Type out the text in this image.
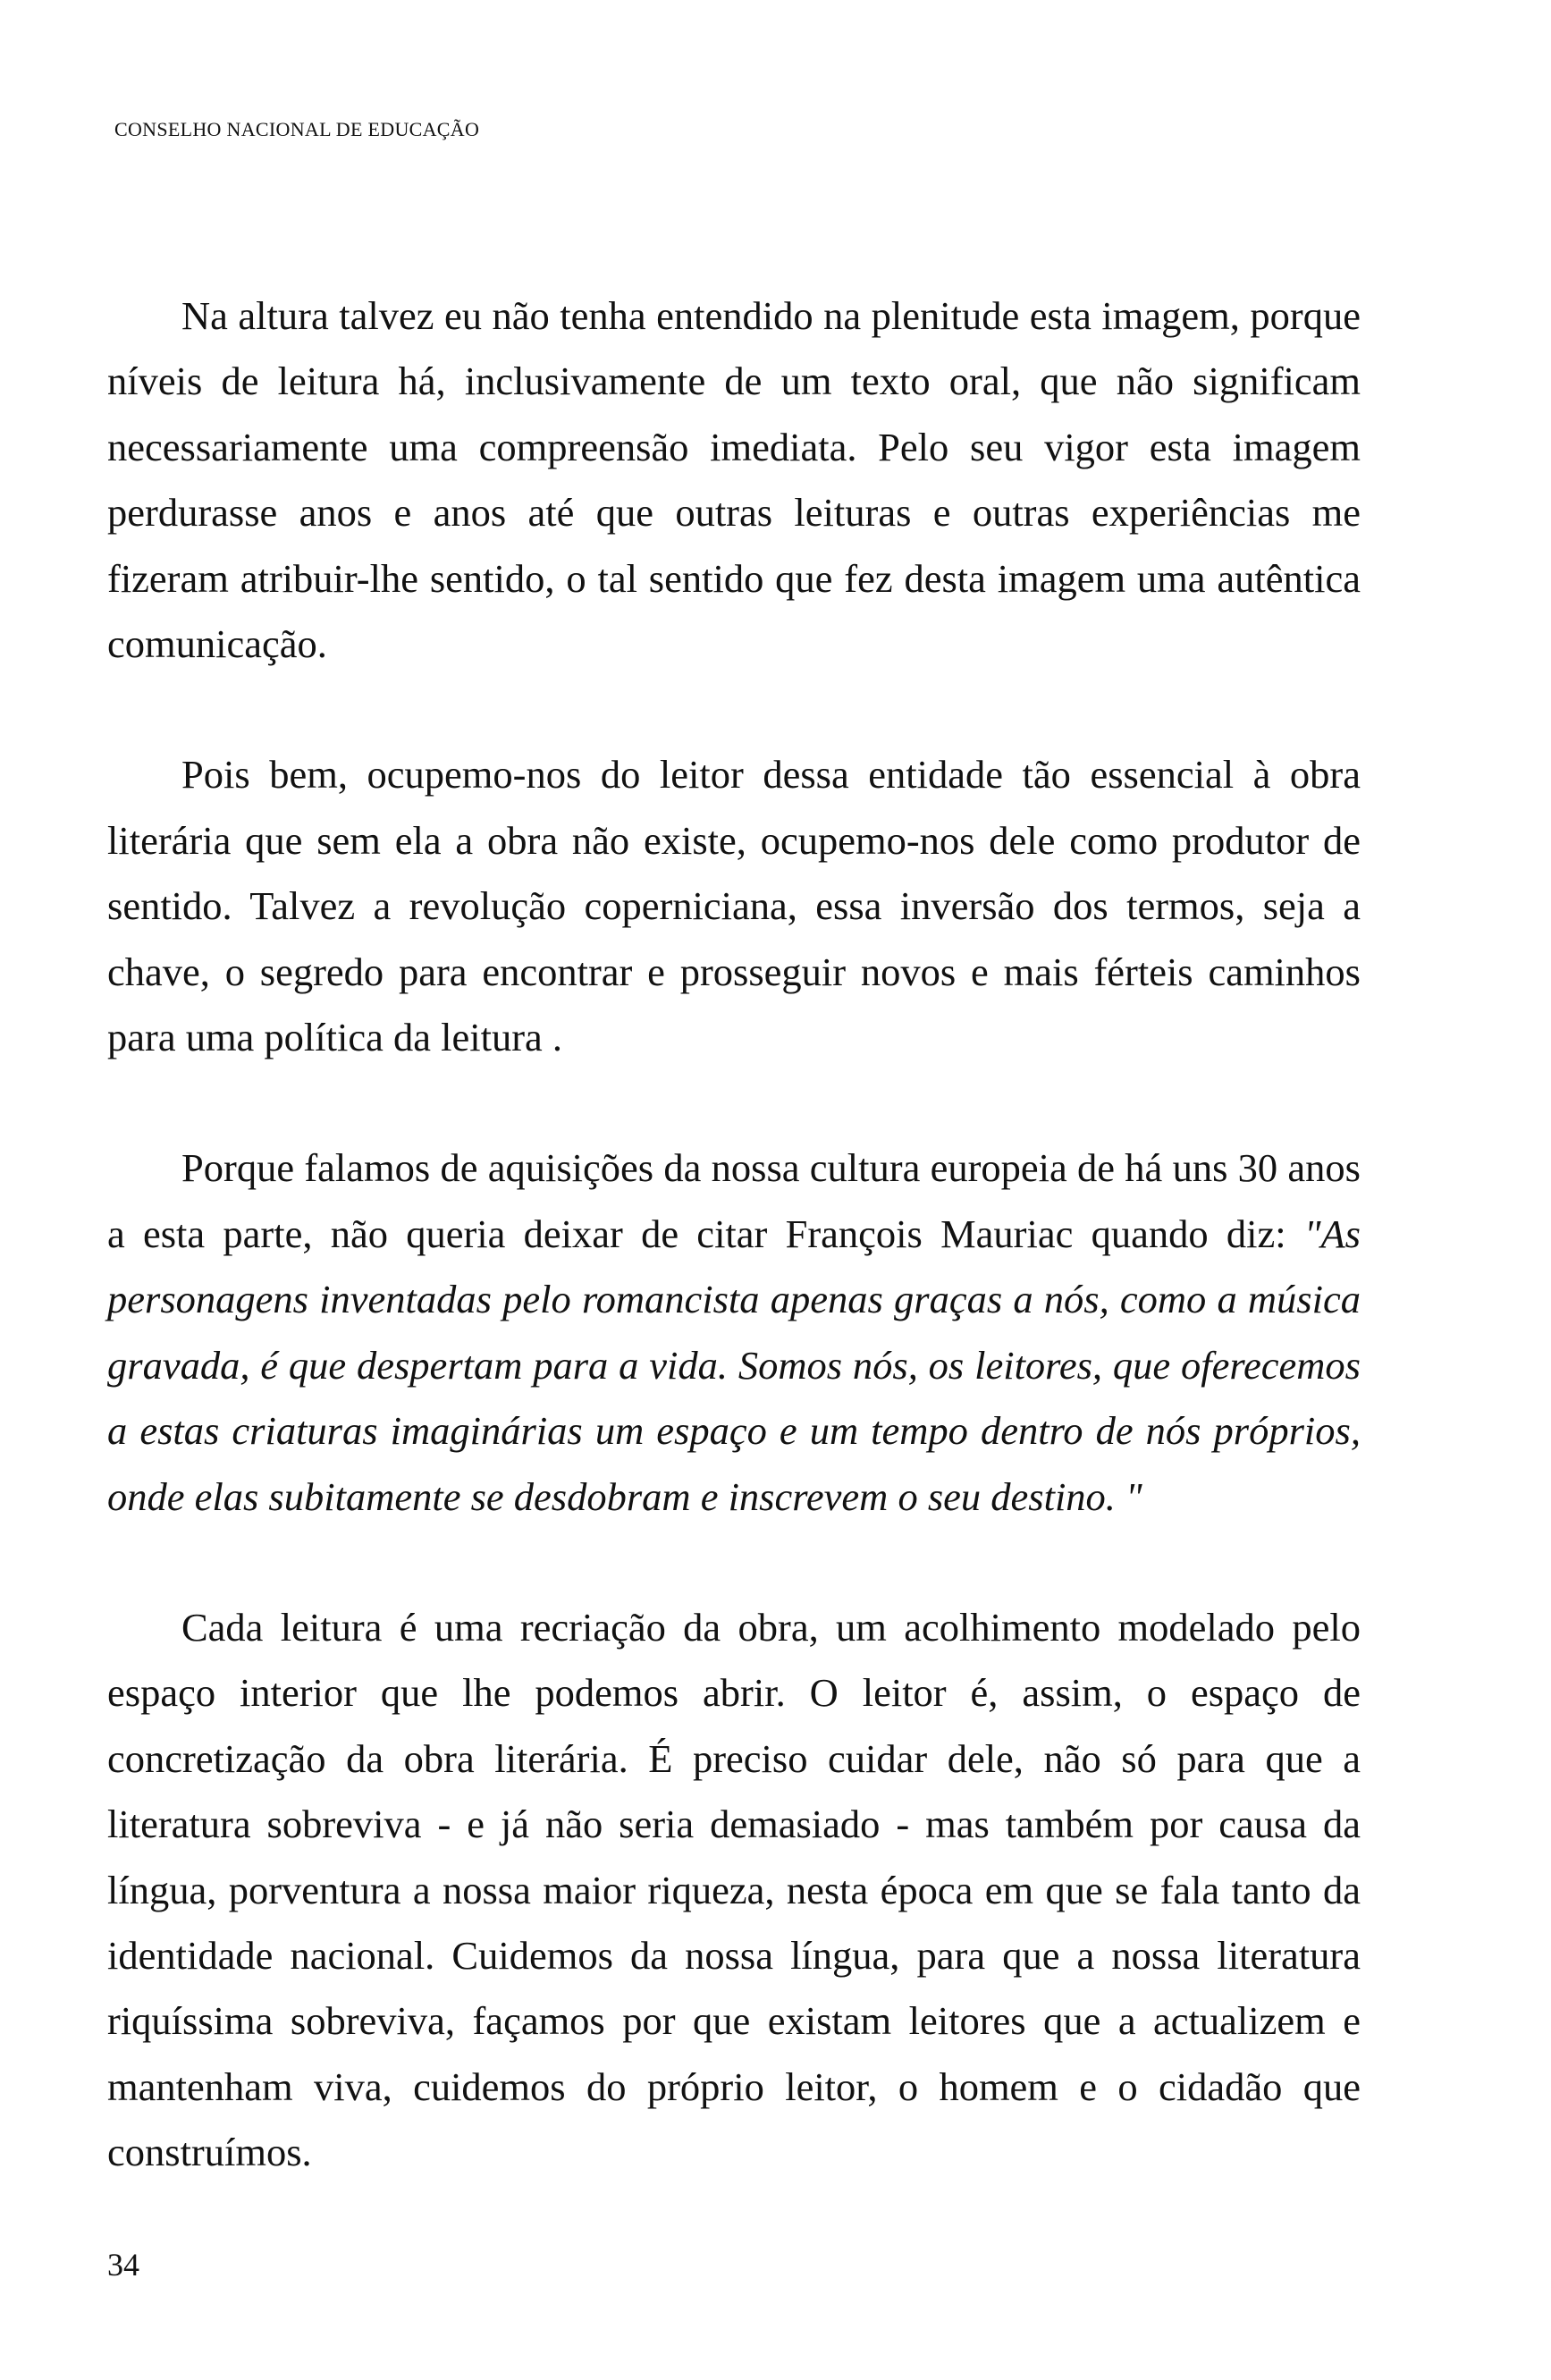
CONSELHO NACIONAL DE EDUCAÇÃO

Na altura talvez eu não tenha entendido na plenitude esta imagem, porque níveis de leitura há, inclusivamente de um texto oral, que não significam necessariamente uma compreensão imediata. Pelo seu vigor esta imagem perdurasse anos e anos até que outras leituras e outras experiências me fizeram atribuir-lhe sentido, o tal sentido que fez desta imagem uma autêntica comunicação.

Pois bem, ocupemo-nos do leitor dessa entidade tão essencial à obra literária que sem ela a obra não existe, ocupemo-nos dele como produtor de sentido. Talvez a revolução coperniciana, essa inversão dos termos, seja a chave, o segredo para encontrar e prosseguir novos e mais férteis caminhos para uma política da leitura .

Porque falamos de aquisições da nossa cultura europeia de há uns 30 anos a esta parte, não queria deixar de citar François Mauriac quando diz: "As personagens inventadas pelo romancista apenas graças a nós, como a música gravada, é que despertam para a vida. Somos nós, os leitores, que oferecemos a estas criaturas imaginárias um espaço e um tempo dentro de nós próprios, onde elas subitamente se desdobram e inscrevem o seu destino. "

Cada leitura é uma recriação da obra, um acolhimento modelado pelo espaço interior que lhe podemos abrir. O leitor é, assim, o espaço de concretização da obra literária. É preciso cuidar dele, não só para que a literatura sobreviva - e já não seria demasiado - mas também por causa da língua, porventura a nossa maior riqueza, nesta época em que se fala tanto da identidade nacional. Cuidemos da nossa língua, para que a nossa literatura riquíssima sobreviva, façamos por que existam leitores que a actualizem e mantenham viva, cuidemos do próprio leitor, o homem e o cidadão que construímos.

34
